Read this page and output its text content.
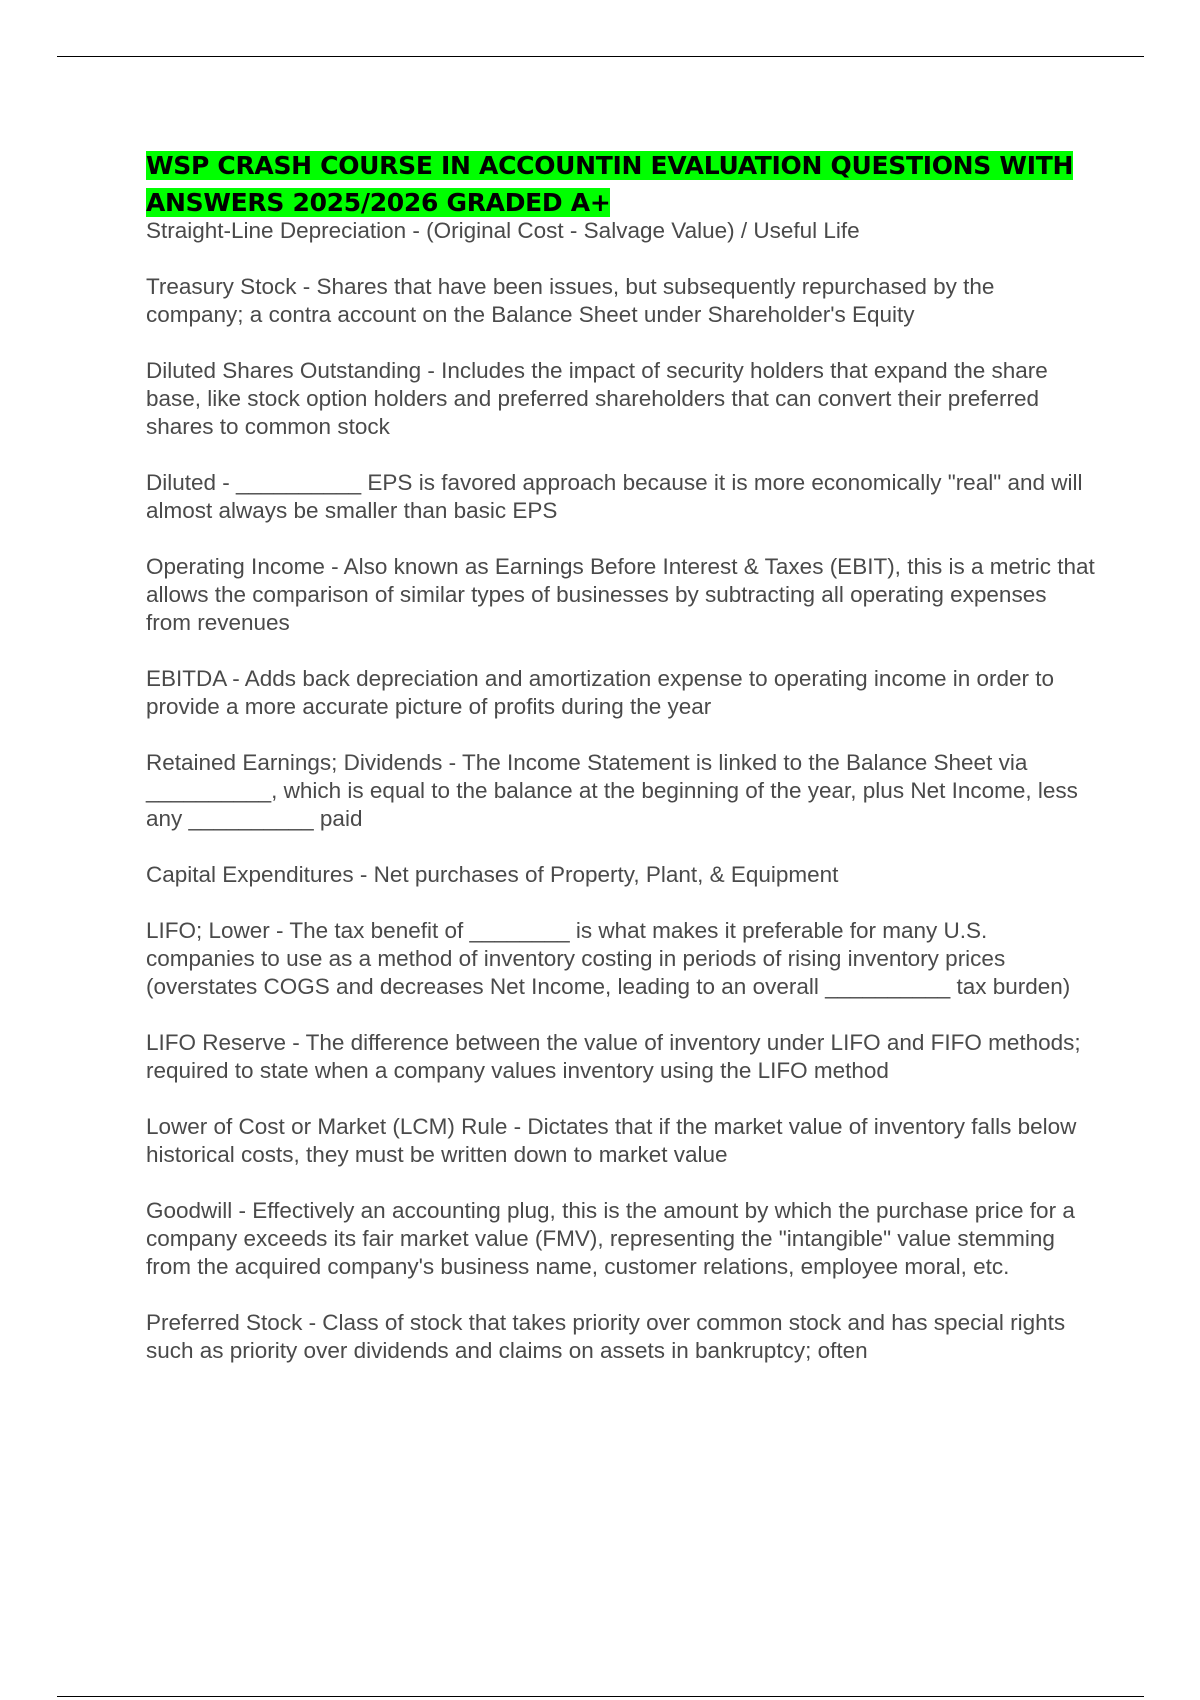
WSP CRASH COURSE IN ACCOUNTIN EVALUATION QUESTIONS WITH ANSWERS 2025/2026 GRADED A+

Straight-Line Depreciation - (Original Cost - Salvage Value) / Useful Life

Treasury Stock - Shares that have been issues, but subsequently repurchased by the company; a contra account on the Balance Sheet under Shareholder's Equity

Diluted Shares Outstanding - Includes the impact of security holders that expand the share base, like stock option holders and preferred shareholders that can convert their preferred shares to common stock

Diluted - __________ EPS is favored approach because it is more economically "real" and will almost always be smaller than basic EPS

Operating Income - Also known as Earnings Before Interest & Taxes (EBIT), this is a metric that allows the comparison of similar types of businesses by subtracting all operating expenses from revenues

EBITDA - Adds back depreciation and amortization expense to operating income in order to provide a more accurate picture of profits during the year

Retained Earnings; Dividends - The Income Statement is linked to the Balance Sheet via __________, which is equal to the balance at the beginning of the year, plus Net Income, less any __________ paid

Capital Expenditures - Net purchases of Property, Plant, & Equipment

LIFO; Lower - The tax benefit of ________ is what makes it preferable for many U.S. companies to use as a method of inventory costing in periods of rising inventory prices (overstates COGS and decreases Net Income, leading to an overall __________ tax burden)

LIFO Reserve - The difference between the value of inventory under LIFO and FIFO methods; required to state when a company values inventory using the LIFO method

Lower of Cost or Market (LCM) Rule - Dictates that if the market value of inventory falls below historical costs, they must be written down to market value

Goodwill - Effectively an accounting plug, this is the amount by which the purchase price for a company exceeds its fair market value (FMV), representing the "intangible" value stemming from the acquired company's business name, customer relations, employee moral, etc.

Preferred Stock - Class of stock that takes priority over common stock and has special rights such as priority over dividends and claims on assets in bankruptcy; often
